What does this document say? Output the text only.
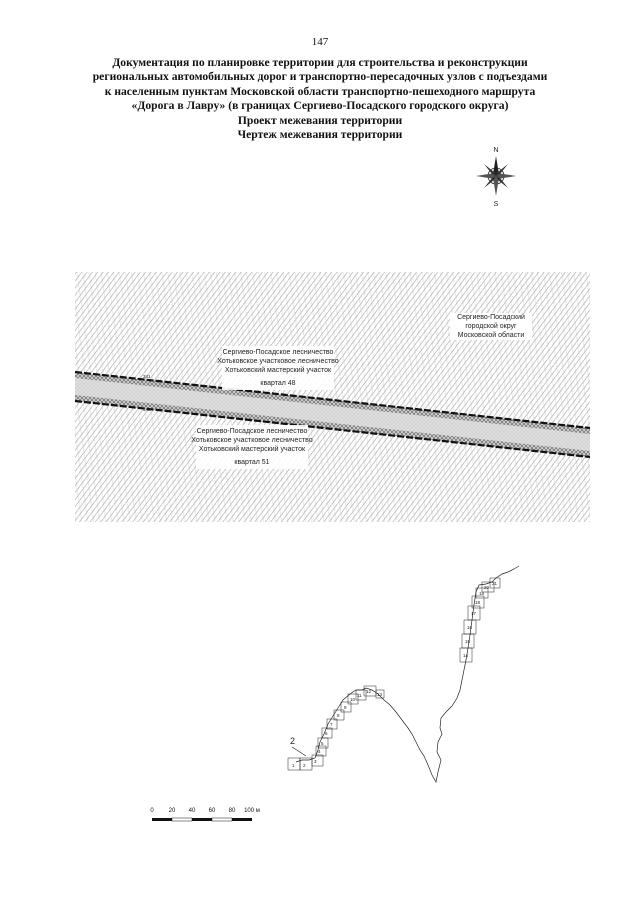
147
Документация по планировке территории для строительства и реконструкции
региональных автомобильных дорог и транспортно-пересадочных узлов с подъездами
к населенным пунктам Московской области транспортно-пешеходного маршрута
«Дорога в Лавру» (в границах Сергиево-Посадского городского округа)
Проект межевания территории
Чертеж межевания территории
N
S
341
342
Сергиево-Посадский
городской округ
Московской области
Сергиево-Посадское лесничество
Хотьковское участковое лесничество
Хотьковский мастерский участок
квартал 48
Сергиево-Посадское лесничество
Хотьковское участковое лесничество
Хотьковский мастерский участок
квартал 51
1 2
3
4
5
6
7
8
9
10
11
12
13
14
15
16
17
18
19
20
21
2
0 20 40 60 80 100 м
